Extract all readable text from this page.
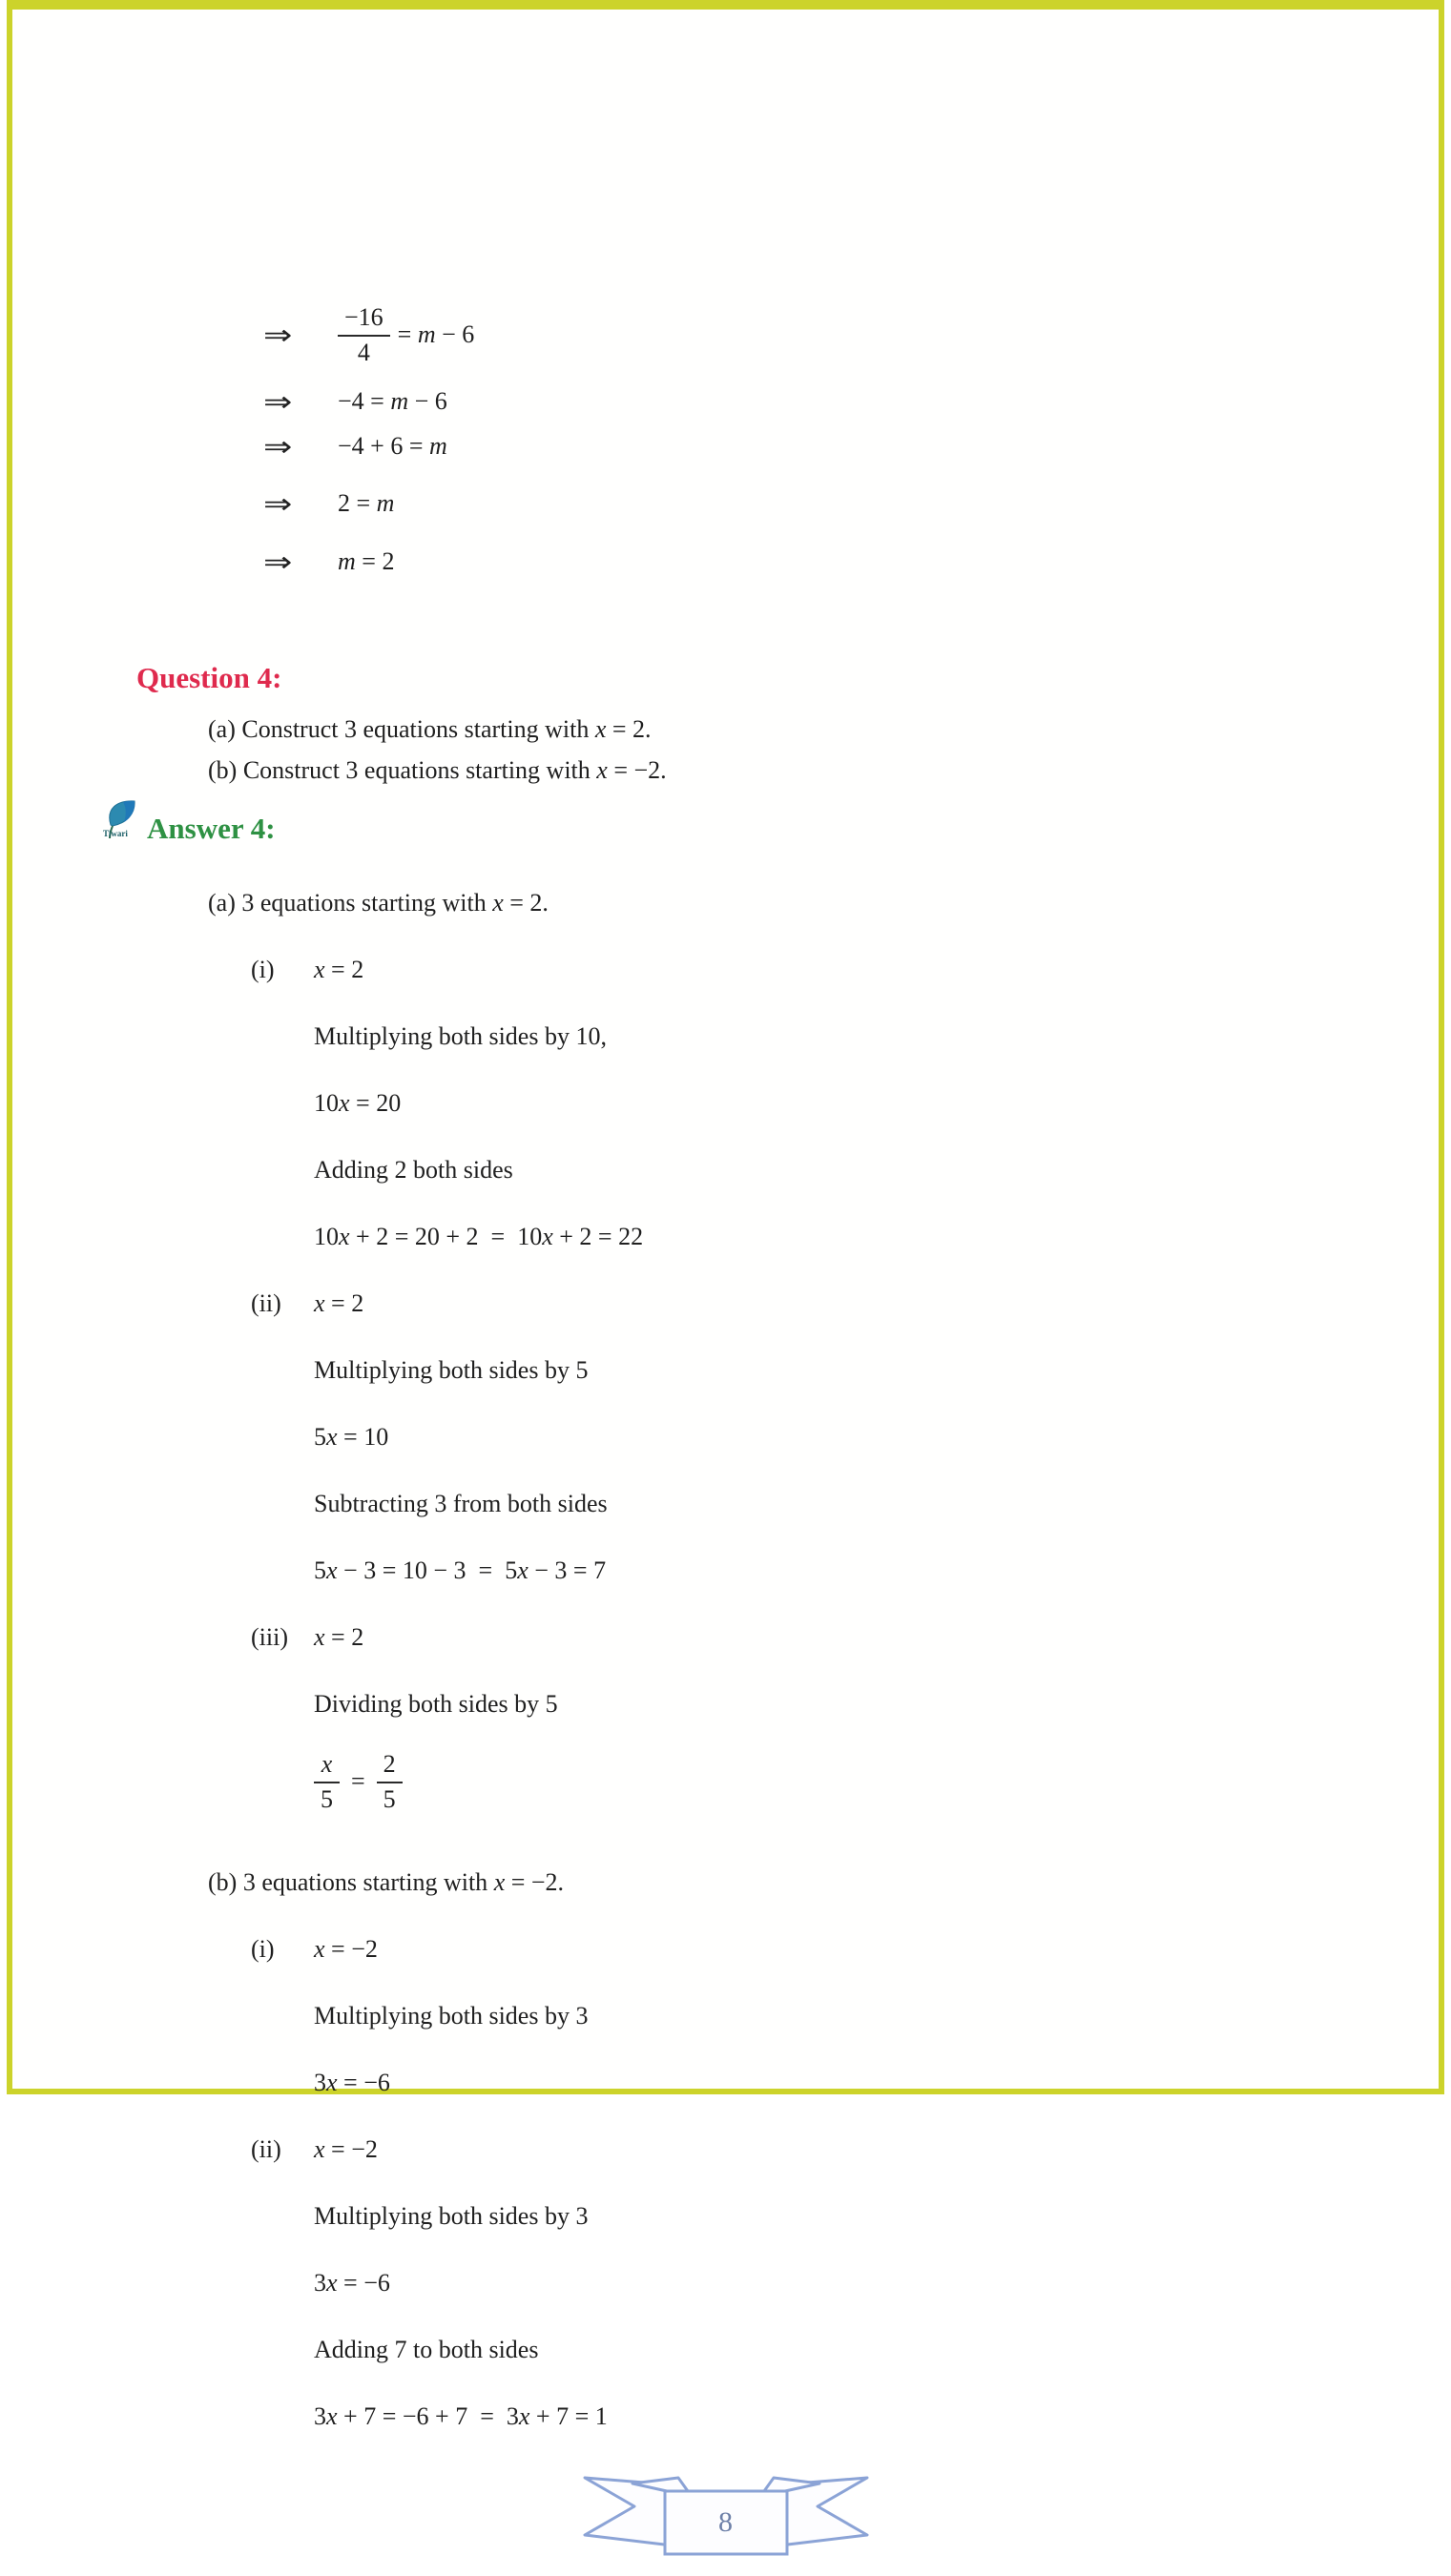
⇒	$\frac{-16}{4} = m - 6$
⇒	−4 = m − 6
⇒	−4 + 6 = m
⇒	2 = m
⇒	m = 2
Question 4:

(a) Construct 3 equations starting with x = 2.

(b) Construct 3 equations starting with x = −2.

Tiwari Answer 4:

(a) 3 equations starting with x = 2.

(i)	x = 2

Multiplying both sides by 10,

10x = 20

Adding 2 both sides

10x + 2 = 20 + 2  =  10x + 2 = 22

(ii)	x = 2

Multiplying both sides by 5

5x = 10

Subtracting 3 from both sides

5x − 3 = 10 − 3  =  5x − 3 = 7

(iii)	x = 2

Dividing both sides by 5

$\frac{x}{5} = \frac{2}{5}$

(b) 3 equations starting with x = −2.

(i)	x = −2

Multiplying both sides by 3

3x = −6

(ii)	x = −2

Multiplying both sides by 3

3x = −6

Adding 7 to both sides

3x + 7 = −6 + 7  =  3x + 7 = 1

8
